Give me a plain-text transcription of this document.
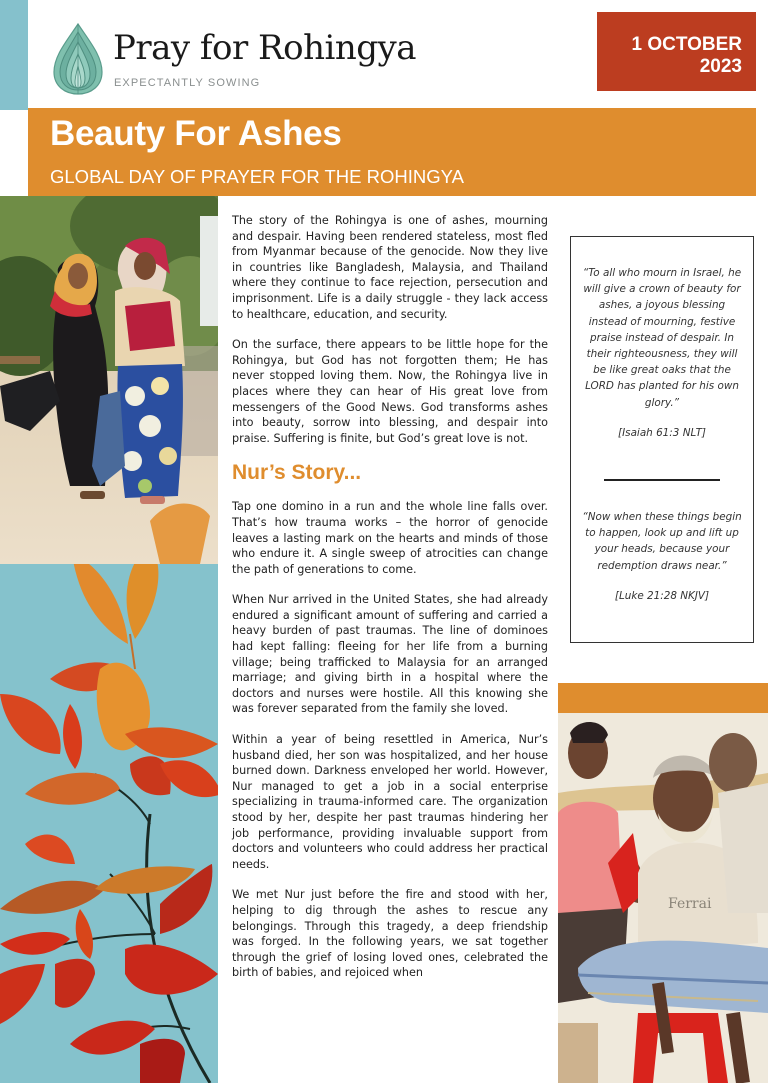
Pray for Rohingya
EXPECTANTLY SOWING
1 OCTOBER
2023
Beauty For Ashes
GLOBAL DAY OF PRAYER FOR THE ROHINGYA

The story of the Rohingya is one of ashes, mourning and despair. Having been rendered stateless, most fled from Myanmar because of the genocide. Now they live in countries like Bangladesh, Malaysia, and Thailand where they continue to face rejection, persecution and imprisonment. Life is a daily struggle - they lack access to healthcare, education, and security.

On the surface, there appears to be little hope for the Rohingya, but God has not forgotten them; He has never stopped loving them. Now, the Rohingya live in places where they can hear of His great love from messengers of the Good News. God transforms ashes into beauty, sorrow into blessing, and despair into praise. Suffering is finite, but God’s great love is not.

Nur’s Story...

Tap one domino in a run and the whole line falls over. That’s how trauma works – the horror of genocide leaves a lasting mark on the hearts and minds of those who endure it. A single sweep of atrocities can change the path of generations to come.

When Nur arrived in the United States, she had already endured a significant amount of suffering and carried a heavy burden of past traumas. The line of dominoes had kept falling: fleeing for her life from a burning village; being trafficked to Malaysia for an arranged marriage; and giving birth in a hospital where the doctors and nurses were hostile. All this knowing she was forever separated from the family she loved.

Within a year of being resettled in America, Nur’s husband died, her son was hospitalized, and her house burned down. Darkness enveloped her world. However, Nur managed to get a job in a social enterprise specializing in trauma-informed care. The organization stood by her, despite her past traumas hindering her job performance, providing invaluable support from doctors and volunteers who could address her practical needs.

We met Nur just before the fire and stood with her, helping to dig through the ashes to rescue any belongings. Through this tragedy, a deep friendship was forged. In the following years, we sat together through the grief of losing loved ones, celebrated the birth of babies, and rejoiced when

“To all who mourn in Israel, he will give a crown of beauty for ashes, a joyous blessing instead of mourning, festive praise instead of despair. In their righteousness, they will be like great oaks that the LORD has planted for his own glory.”
[Isaiah 61:3 NLT]
“Now when these things begin to happen, look up and lift up your heads, because your redemption draws near.”
[Luke 21:28 NKJV]
Ferrai
